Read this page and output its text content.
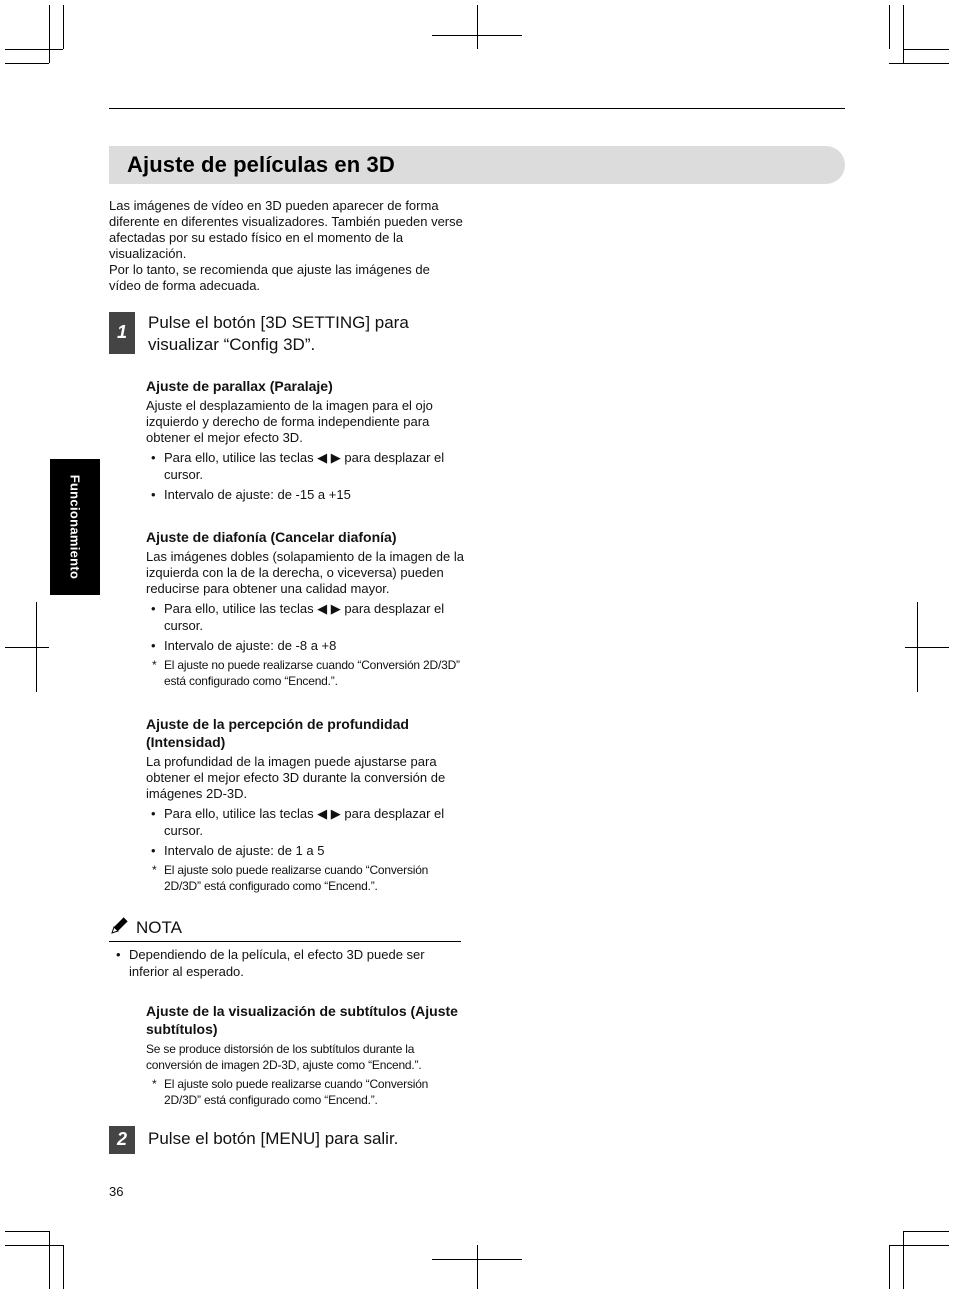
Ajuste de películas en 3D
Funcionamiento

Las imágenes de vídeo en 3D pueden aparecer de forma diferente en diferentes visualizadores. También pueden verse afectadas por su estado físico en el momento de la visualización.

Por lo tanto, se recomienda que ajuste las imágenes de vídeo de forma adecuada.

1	Pulse el botón [3D SETTING] para visualizar “Config 3D”.
Ajuste de parallax (Paralaje)
Ajuste el desplazamiento de la imagen para el ojo izquierdo y derecho de forma independiente para obtener el mejor efecto 3D.
• Para ello, utilice las teclas ◀ ▶ para desplazar el cursor.
• Intervalo de ajuste: de -15 a +15
Ajuste de diafonía (Cancelar diafonía)
Las imágenes dobles (solapamiento de la imagen de la izquierda con la de la derecha, o viceversa) pueden reducirse para obtener una calidad mayor.
• Para ello, utilice las teclas ◀ ▶ para desplazar el cursor.
• Intervalo de ajuste: de -8 a +8
* El ajuste no puede realizarse cuando “Conversión 2D/3D” está configurado como “Encend.”.
Ajuste de la percepción de profundidad (Intensidad)
La profundidad de la imagen puede ajustarse para obtener el mejor efecto 3D durante la conversión de imágenes 2D-3D.
• Para ello, utilice las teclas ◀ ▶ para desplazar el cursor.
• Intervalo de ajuste: de 1 a 5
* El ajuste solo puede realizarse cuando “Conversión 2D/3D” está configurado como “Encend.”.
NOTA
• Dependiendo de la película, el efecto 3D puede ser inferior al esperado.
Ajuste de la visualización de subtítulos (Ajuste subtítulos)
Se se produce distorsión de los subtítulos durante la conversión de imagen 2D-3D, ajuste como “Encend.”.
* El ajuste solo puede realizarse cuando “Conversión 2D/3D” está configurado como “Encend.”.
2	Pulse el botón [MENU] para salir.
36
